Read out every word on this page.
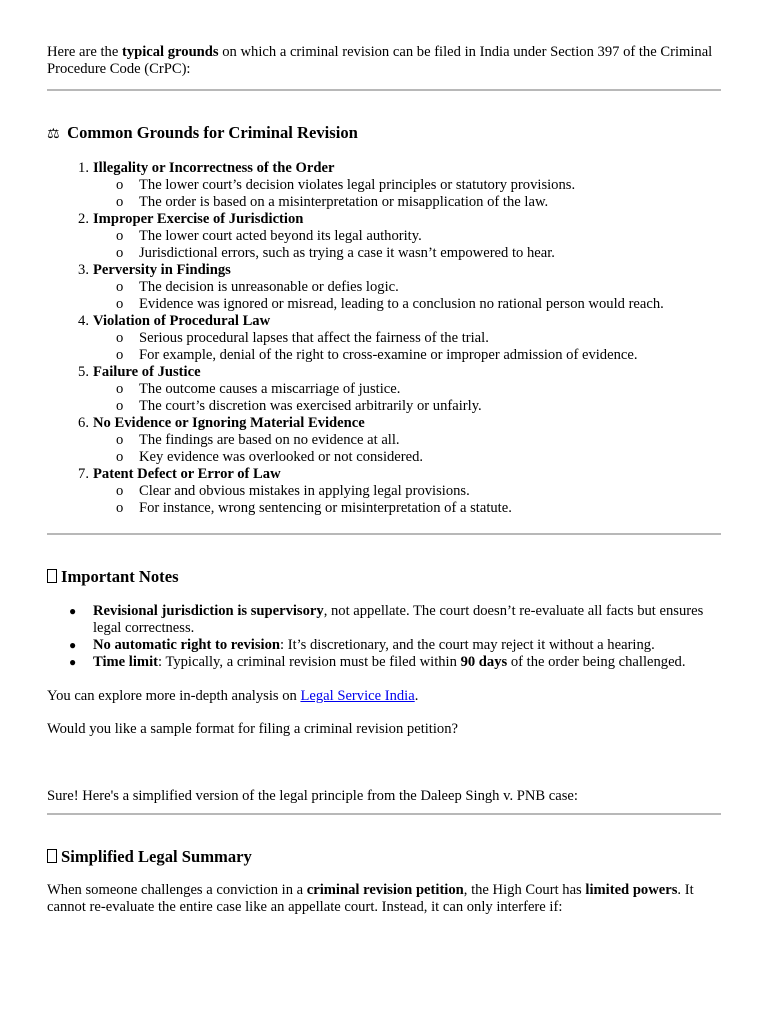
Here are the typical grounds on which a criminal revision can be filed in India under Section 397 of the Criminal Procedure Code (CrPC):

⚖ Common Grounds for Criminal Revision
1. Illegality or Incorrectness of the Order
o The lower court’s decision violates legal principles or statutory provisions.
o The order is based on a misinterpretation or misapplication of the law.
2. Improper Exercise of Jurisdiction
o The lower court acted beyond its legal authority.
o Jurisdictional errors, such as trying a case it wasn’t empowered to hear.
3. Perversity in Findings
o The decision is unreasonable or defies logic.
o Evidence was ignored or misread, leading to a conclusion no rational person would reach.
4. Violation of Procedural Law
o Serious procedural lapses that affect the fairness of the trial.
o For example, denial of the right to cross-examine or improper admission of evidence.
5. Failure of Justice
o The outcome causes a miscarriage of justice.
o The court’s discretion was exercised arbitrarily or unfairly.
6. No Evidence or Ignoring Material Evidence
o The findings are based on no evidence at all.
o Key evidence was overlooked or not considered.
7. Patent Defect or Error of Law
o Clear and obvious mistakes in applying legal provisions.
o For instance, wrong sentencing or misinterpretation of a statute.
Important Notes
● Revisional jurisdiction is supervisory, not appellate. The court doesn’t re-evaluate all facts but ensures legal correctness.
● No automatic right to revision: It’s discretionary, and the court may reject it without a hearing.
● Time limit: Typically, a criminal revision must be filed within 90 days of the order being challenged.

You can explore more in-depth analysis on Legal Service India.

Would you like a sample format for filing a criminal revision petition?

Sure! Here's a simplified version of the legal principle from the Daleep Singh v. PNB case:

Simplified Legal Summary

When someone challenges a conviction in a criminal revision petition, the High Court has limited powers. It cannot re-evaluate the entire case like an appellate court. Instead, it can only interfere if:
